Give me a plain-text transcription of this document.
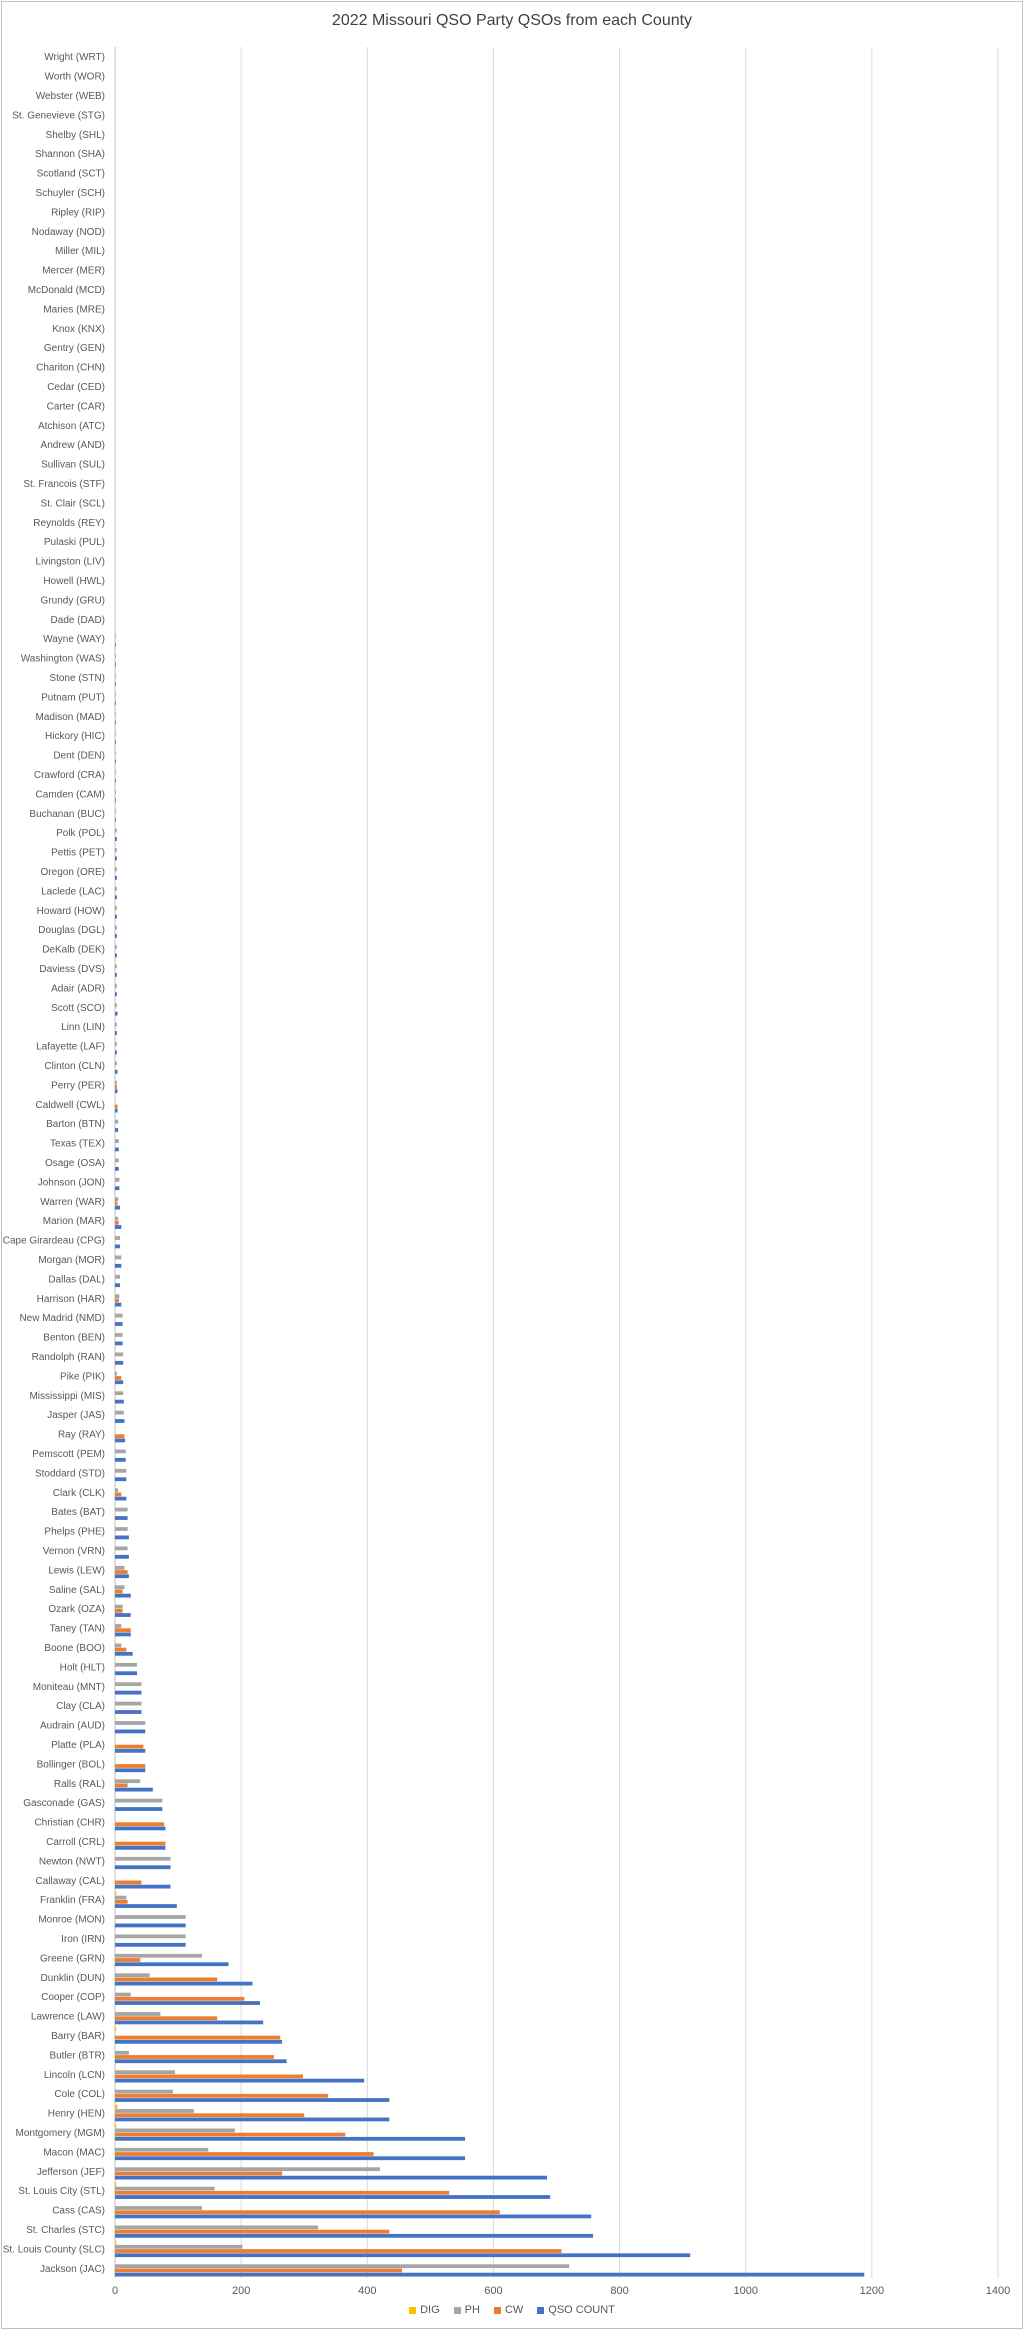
2022 Missouri QSO Party QSOs from each County
Wright (WRT)
Worth (WOR)
Webster (WEB)
St. Genevieve (STG)
Shelby (SHL)
Shannon (SHA)
Scotland (SCT)
Schuyler (SCH)
Ripley (RIP)
Nodaway (NOD)
Miller (MIL)
Mercer (MER)
McDonald (MCD)
Maries (MRE)
Knox (KNX)
Gentry (GEN)
Chariton (CHN)
Cedar (CED)
Carter (CAR)
Atchison (ATC)
Andrew (AND)
Sullivan (SUL)
St. Francois (STF)
St. Clair (SCL)
Reynolds (REY)
Pulaski (PUL)
Livingston (LIV)
Howell (HWL)
Grundy (GRU)
Dade (DAD)
Wayne (WAY)
Washington (WAS)
Stone (STN)
Putnam (PUT)
Madison (MAD)
Hickory (HIC)
Dent (DEN)
Crawford (CRA)
Camden (CAM)
Buchanan (BUC)
Polk (POL)
Pettis (PET)
Oregon (ORE)
Laclede (LAC)
Howard (HOW)
Douglas (DGL)
DeKalb (DEK)
Daviess (DVS)
Adair (ADR)
Scott (SCO)
Linn (LIN)
Lafayette (LAF)
Clinton (CLN)
Perry (PER)
Caldwell (CWL)
Barton (BTN)
Texas (TEX)
Osage (OSA)
Johnson (JON)
Warren (WAR)
Marion (MAR)
Cape Girardeau (CPG)
Morgan (MOR)
Dallas (DAL)
Harrison (HAR)
New Madrid (NMD)
Benton (BEN)
Randolph (RAN)
Pike (PIK)
Mississippi (MIS)
Jasper (JAS)
Ray (RAY)
Pemscott (PEM)
Stoddard (STD)
Clark (CLK)
Bates (BAT)
Phelps (PHE)
Vernon (VRN)
Lewis (LEW)
Saline (SAL)
Ozark (OZA)
Taney (TAN)
Boone (BOO)
Holt (HLT)
Moniteau (MNT)
Clay (CLA)
Audrain (AUD)
Platte (PLA)
Bollinger (BOL)
Ralls (RAL)
Gasconade (GAS)
Christian (CHR)
Carroll (CRL)
Newton (NWT)
Callaway (CAL)
Franklin (FRA)
Monroe (MON)
Iron (IRN)
Greene (GRN)
Dunklin (DUN)
Cooper (COP)
Lawrence (LAW)
Barry (BAR)
Butler (BTR)
Lincoln (LCN)
Cole (COL)
Henry (HEN)
Montgomery (MGM)
Macon (MAC)
Jefferson (JEF)
St. Louis City (STL)
Cass (CAS)
St. Charles (STC)
St. Louis County (SLC)
Jackson (JAC)
0	200	400	600	800	1000	1200	1400
DIG PH CW QSO COUNT
